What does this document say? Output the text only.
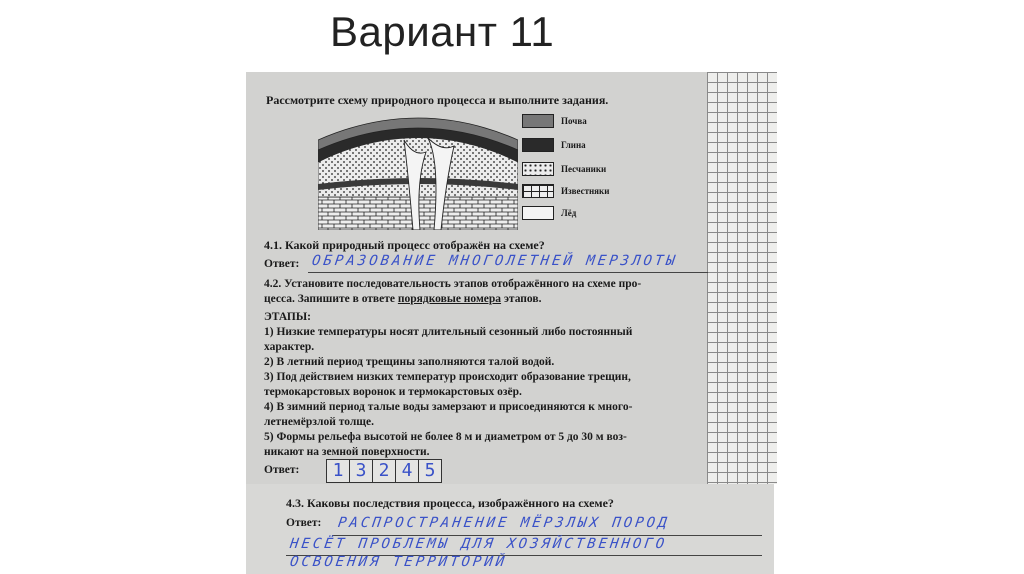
Вариант 11
Рассмотрите схему природного процесса и выполните задания.
Почва
Глина
Песчаники
Известняки
Лёд
4.1. Какой природный процесс отображён на схеме?
Ответ: ОБРАЗОВАНИЕ МНОГОЛЕТНЕЙ МЕРЗЛОТЫ
4.2. Установите последовательность этапов отображённого на схеме про-
цесса. Запишите в ответе порядковые номера этапов.
ЭТАПЫ:
1) Низкие температуры носят длительный сезонный либо постоянный
характер.
2) В летний период трещины заполняются талой водой.
3) Под действием низких температур происходит образование трещин,
термокарстовых воронок и термокарстовых озёр.
4) В зимний период талые воды замерзают и присоединяются к много-
летнемёрзлой толще.
5) Формы рельефа высотой не более 8 м и диаметром от 5 до 30 м воз-
никают на земной поверхности.
Ответ:	1 3 2 4 5
4.3. Каковы последствия процесса, изображённого на схеме?
Ответ: РАСПРОСТРАНЕНИЕ МЁРЗЛЫХ ПОРОД
НЕСЁТ ПРОБЛЕМЫ ДЛЯ ХОЗЯЙСТВЕННОГО
ОСВОЕНИЯ ТЕРРИТОРИЙ
